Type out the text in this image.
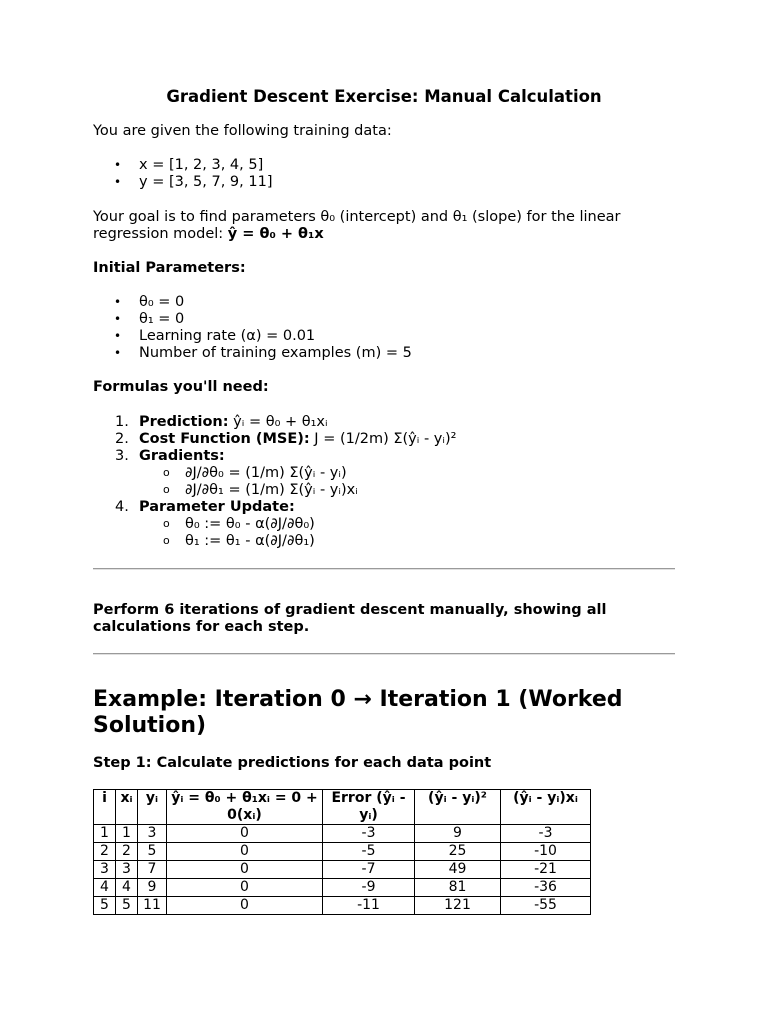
Gradient Descent Exercise: Manual Calculation
You are given the following training data:
• x = [1, 2, 3, 4, 5]
• y = [3, 5, 7, 9, 11]
Your goal is to find parameters θ₀ (intercept) and θ₁ (slope) for the linear regression model: ŷ = θ₀ + θ₁x
Initial Parameters:
• θ₀ = 0
• θ₁ = 0
• Learning rate (α) = 0.01
• Number of training examples (m) = 5
Formulas you'll need:
1. Prediction: ŷᵢ = θ₀ + θ₁xᵢ
2. Cost Function (MSE): J = (1/2m) Σ(ŷᵢ - yᵢ)²
3. Gradients:
o ∂J/∂θ₀ = (1/m) Σ(ŷᵢ - yᵢ)
o ∂J/∂θ₁ = (1/m) Σ(ŷᵢ - yᵢ)xᵢ
4. Parameter Update:
o θ₀ := θ₀ - α(∂J/∂θ₀)
o θ₁ := θ₁ - α(∂J/∂θ₁)
Perform 6 iterations of gradient descent manually, showing all calculations for each step.
Example: Iteration 0 → Iteration 1 (Worked Solution)
Step 1: Calculate predictions for each data point
i	xᵢ	yᵢ	ŷᵢ = θ₀ + θ₁xᵢ = 0 + 0(xᵢ)	Error (ŷᵢ - yᵢ)	(ŷᵢ - yᵢ)²	(ŷᵢ - yᵢ)xᵢ
1	1	3	0	-3	9	-3
2	2	5	0	-5	25	-10
3	3	7	0	-7	49	-21
4	4	9	0	-9	81	-36
5	5	11	0	-11	121	-55
